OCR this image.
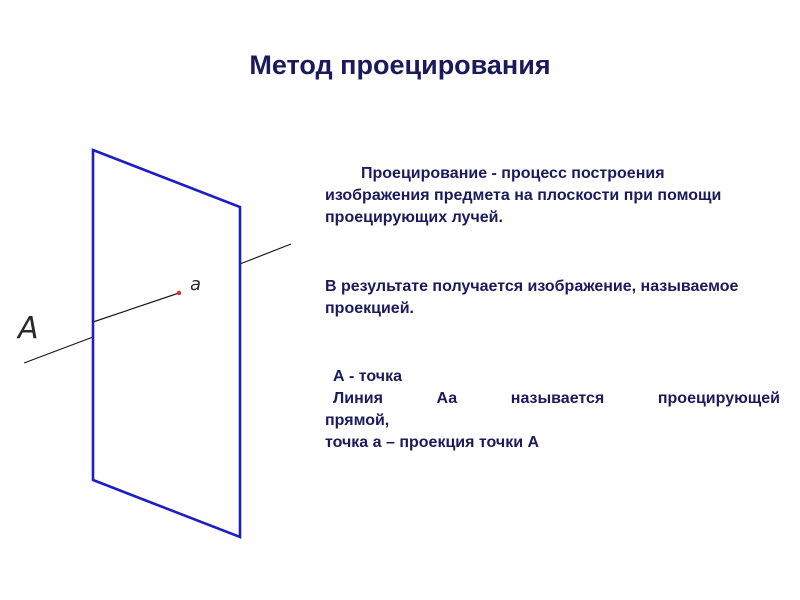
Метод проецирования
a
A
Проецирование - процесс построения изображения предмета на плоскости при помощи проецирующих лучей.
В результате получается изображение, называемое проекцией.
А - точка
Линия Аа называется проецирующей
прямой,
точка а – проекция точки А
